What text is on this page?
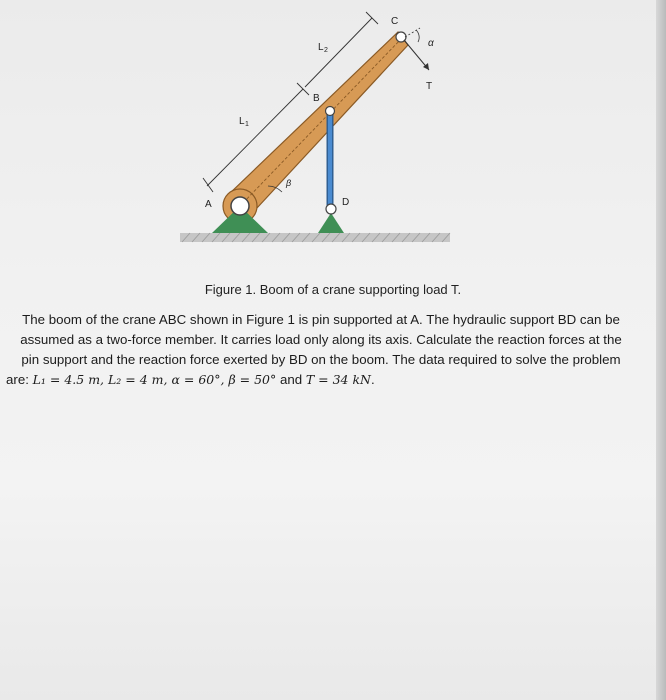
A
B
C
D
T
α
β
L 1
L 2

Figure 1. Boom of a crane supporting load T.

The boom of the crane ABC shown in Figure 1 is pin supported at A. The hydraulic support BD can be
assumed as a two-force member. It carries load only along its axis. Calculate the reaction forces at the
pin support and the reaction force exerted by BD on the boom. The data required to solve the problem
are: L₁ = 4.5 m, L₂ = 4 m, α = 60°, β = 50° and T = 34 kN.
